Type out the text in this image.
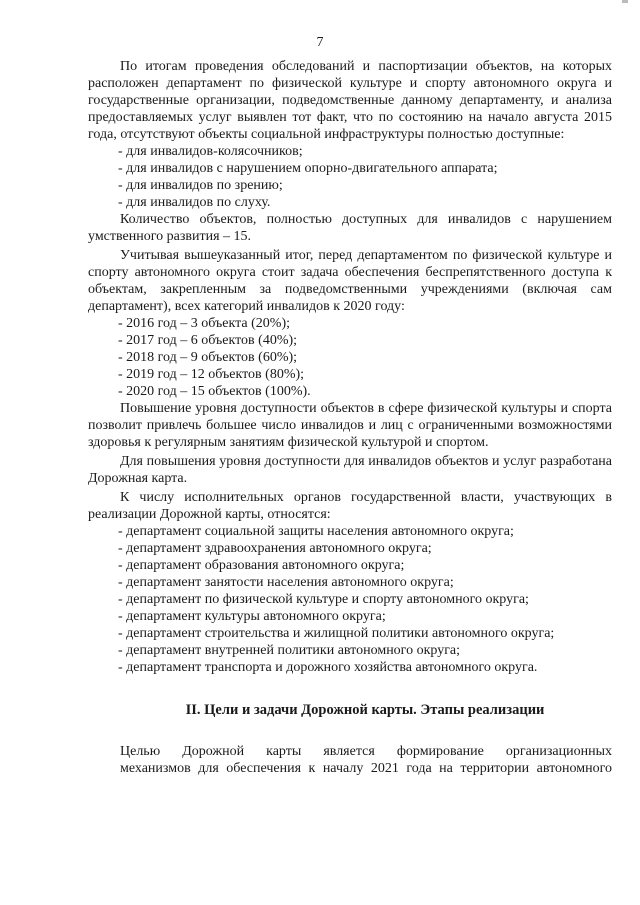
7

По итогам проведения обследований и паспортизации объектов, на которых расположен департамент по физической культуре и спорту автономного округа и государственные организации, подведомственные данному департаменту, и анализа предоставляемых услуг выявлен тот факт, что по состоянию на начало августа 2015 года, отсутствуют объекты социальной инфраструктуры полностью доступные:

- для инвалидов-колясочников;

- для инвалидов с нарушением опорно-двигательного аппарата;

- для инвалидов по зрению;

- для инвалидов по слуху.

Количество объектов, полностью доступных для инвалидов с нарушением умственного развития – 15.

Учитывая вышеуказанный итог, перед департаментом по физической культуре и спорту автономного округа стоит задача обеспечения беспрепятственного доступа к объектам, закрепленным за подведомственными учреждениями (включая сам департамент), всех категорий инвалидов к 2020 году:

- 2016 год – 3 объекта (20%);

- 2017 год – 6 объектов (40%);

- 2018 год – 9 объектов (60%);

- 2019 год – 12 объектов (80%);

- 2020 год – 15 объектов (100%).

Повышение уровня доступности объектов в сфере физической культуры и спорта позволит привлечь большее число инвалидов и лиц с ограниченными возможностями здоровья к регулярным занятиям физической культурой и спортом.

Для повышения уровня доступности для инвалидов объектов и услуг разработана Дорожная карта.

К числу исполнительных органов государственной власти, участвующих в реализации Дорожной карты, относятся:

- департамент социальной защиты населения автономного округа;

- департамент здравоохранения автономного округа;

- департамент образования автономного округа;

- департамент занятости населения автономного округа;

- департамент по физической культуре и спорту автономного округа;

- департамент культуры автономного округа;

- департамент строительства и жилищной политики автономного округа;

- департамент внутренней политики автономного округа;

- департамент транспорта и дорожного хозяйства автономного округа.

II. Цели и задачи Дорожной карты. Этапы реализации

Целью Дорожной карты является формирование организационных
механизмов для обеспечения к началу 2021 года на территории автономного
